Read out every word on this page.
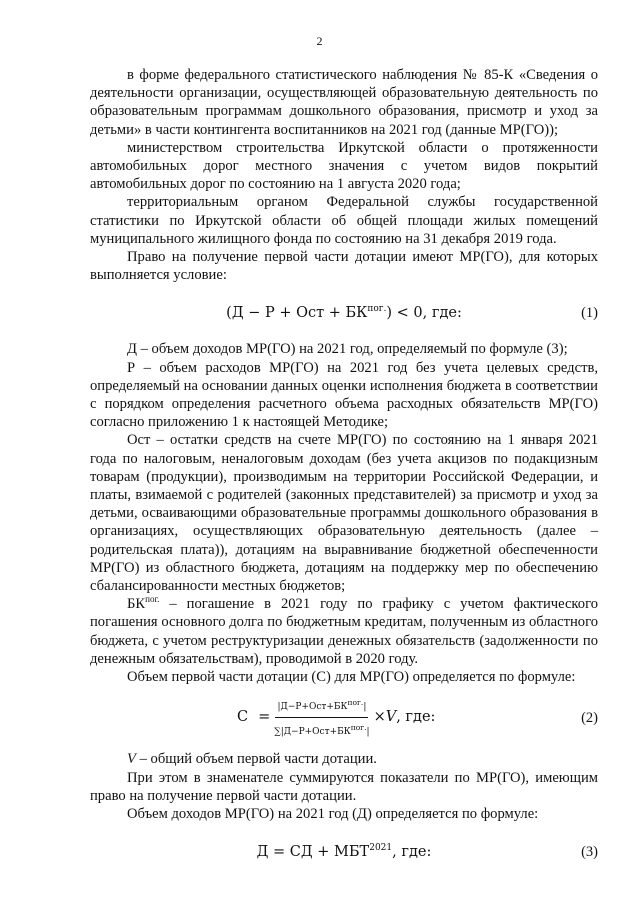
2

в форме федерального статистического наблюдения № 85-К «Сведения о деятельности организации, осуществляющей образовательную деятельность по образовательным программам дошкольного образования, присмотр и уход за детьми» в части контингента воспитанников на 2021 год (данные МР(ГО));

министерством строительства Иркутской области о протяженности автомобильных дорог местного значения с учетом видов покрытий автомобильных дорог по состоянию на 1 августа 2020 года;

территориальным органом Федеральной службы государственной статистики по Иркутской области об общей площади жилых помещений муниципального жилищного фонда по состоянию на 31 декабря 2019 года.

Право на получение первой части дотации имеют МР(ГО), для которых выполняется условие:

(Д − Р + Ост + $БК^{пог.}) < 0$, где:	(1)

Д – объем доходов МР(ГО) на 2021 год, определяемый по формуле (3);

Р – объем расходов МР(ГО) на 2021 год без учета целевых средств, определяемый на основании данных оценки исполнения бюджета в соответствии с порядком определения расчетного объема расходных обязательств МР(ГО) согласно приложению 1 к настоящей Методике;

Ост – остатки средств на счете МР(ГО) по состоянию на 1 января 2021 года по налоговым, неналоговым доходам (без учета акцизов по подакцизным товарам (продукции), производимым на территории Российской Федерации, и платы, взимаемой с родителей (законных представителей) за присмотр и уход за детьми, осваивающими образовательные программы дошкольного образования в организациях, осуществляющих образовательную деятельность (далее – родительская плата)), дотациям на выравнивание бюджетной обеспеченности МР(ГО) из областного бюджета, дотациям на поддержку мер по обеспечению сбалансированности местных бюджетов;

$БК^{пог.}$ – погашение в 2021 году по графику с учетом фактического погашения основного долга по бюджетным кредитам, полученным из областного бюджета, с учетом реструктуризации денежных обязательств (задолженности по денежным обязательствам), проводимой в 2020 году.

Объем первой части дотации (С) для МР(ГО) определяется по формуле:

$С = \frac{|Д-Р+Ост+БК^{пог.}|}{\sum|Д-Р+Ост+БК^{пог.}|} \times V$ , где:	(2)

V – общий объем первой части дотации.

При этом в знаменателе суммируются показатели по МР(ГО), имеющим право на получение первой части дотации.

Объем доходов МР(ГО) на 2021 год (Д) определяется по формуле:

Д = СД + $МБТ^{2021}$, где:	(3)
